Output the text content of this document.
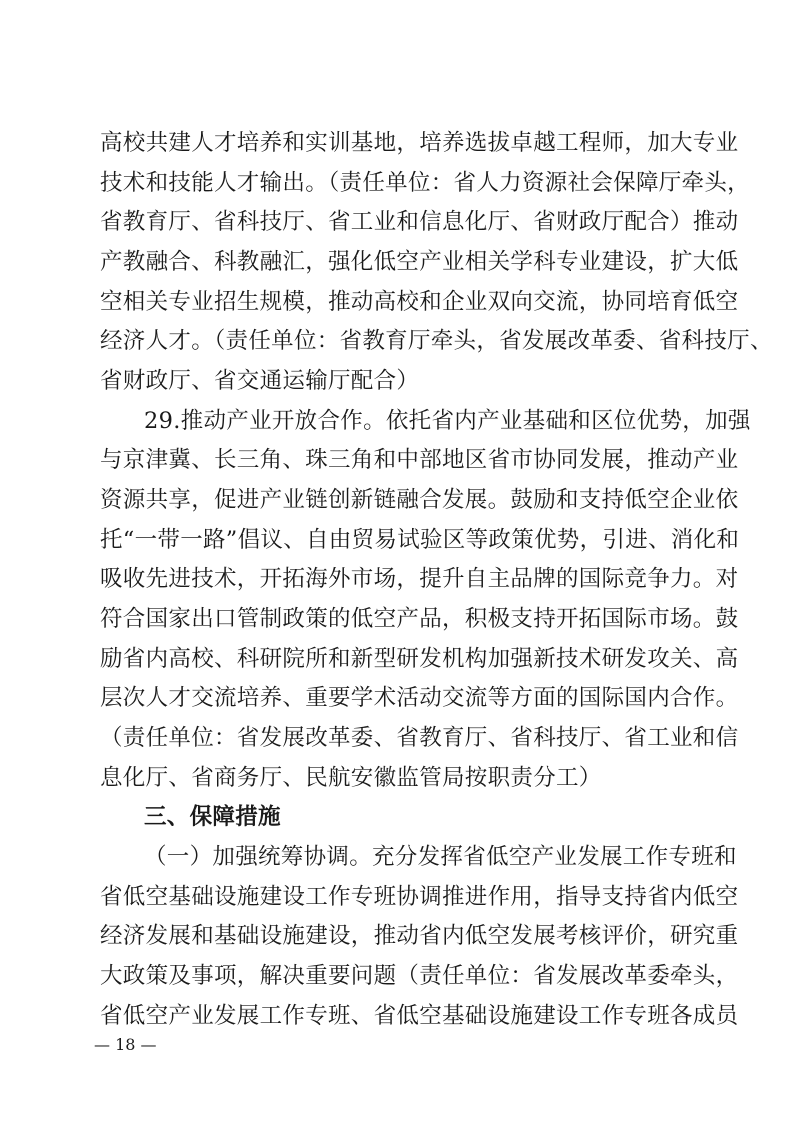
高校共建人才培养和实训基地，培养选拔卓越工程师，加大专业
技术和技能人才输出。（责任单位：省人力资源社会保障厅牵头，
省教育厅、省科技厅、省工业和信息化厅、省财政厅配合）推动
产教融合、科教融汇，强化低空产业相关学科专业建设，扩大低
空相关专业招生规模，推动高校和企业双向交流，协同培育低空
经济人才。（责任单位：省教育厅牵头，省发展改革委、省科技厅、
省财政厅、省交通运输厅配合）
29.推动产业开放合作。依托省内产业基础和区位优势，加强
与京津冀、长三角、珠三角和中部地区省市协同发展，推动产业
资源共享，促进产业链创新链融合发展。鼓励和支持低空企业依
托“一带一路”倡议、自由贸易试验区等政策优势，引进、消化和
吸收先进技术，开拓海外市场，提升自主品牌的国际竞争力。对
符合国家出口管制政策的低空产品，积极支持开拓国际市场。鼓
励省内高校、科研院所和新型研发机构加强新技术研发攻关、高
层次人才交流培养、重要学术活动交流等方面的国际国内合作。
（责任单位：省发展改革委、省教育厅、省科技厅、省工业和信
息化厅、省商务厅、民航安徽监管局按职责分工）
三、保障措施
（一）加强统筹协调。充分发挥省低空产业发展工作专班和
省低空基础设施建设工作专班协调推进作用，指导支持省内低空
经济发展和基础设施建设，推动省内低空发展考核评价，研究重
大政策及事项，解决重要问题（责任单位：省发展改革委牵头，
省低空产业发展工作专班、省低空基础设施建设工作专班各成员
— 18 —
